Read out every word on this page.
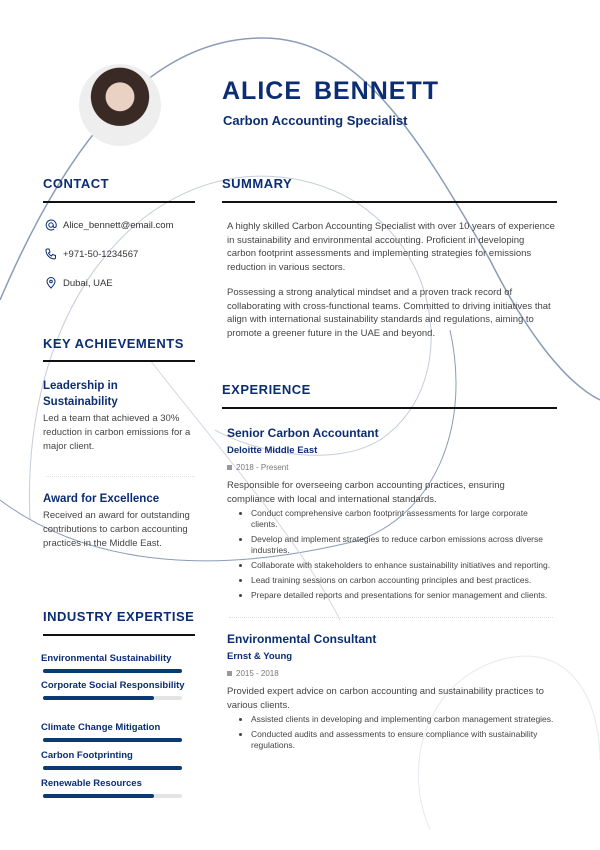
ALICE BENNETT
Carbon Accounting Specialist
CONTACT
Alice_bennett@email.com
+971-50-1234567
Dubai, UAE
KEY ACHIEVEMENTS
Leadership in Sustainability
Led a team that achieved a 30% reduction in carbon emissions for a major client.
Award for Excellence
Received an award for outstanding contributions to carbon accounting practices in the Middle East.
INDUSTRY EXPERTISE
Environmental Sustainability
Corporate Social Responsibility
Climate Change Mitigation
Carbon Footprinting
Renewable Resources
SUMMARY
A highly skilled Carbon Accounting Specialist with over 10 years of experience in sustainability and environmental accounting. Proficient in developing carbon footprint assessments and implementing strategies for emissions reduction in various sectors.
Possessing a strong analytical mindset and a proven track record of collaborating with cross-functional teams. Committed to driving initiatives that align with international sustainability standards and regulations, aiming to promote a greener future in the UAE and beyond.
EXPERIENCE
Senior Carbon Accountant
Deloitte Middle East
2018 - Present
Responsible for overseeing carbon accounting practices, ensuring compliance with local and international standards.
• Conduct comprehensive carbon footprint assessments for large corporate clients.
• Develop and implement strategies to reduce carbon emissions across diverse industries.
• Collaborate with stakeholders to enhance sustainability initiatives and reporting.
• Lead training sessions on carbon accounting principles and best practices.
• Prepare detailed reports and presentations for senior management and clients.
Environmental Consultant
Ernst & Young
2015 - 2018
Provided expert advice on carbon accounting and sustainability practices to various clients.
• Assisted clients in developing and implementing carbon management strategies.
• Conducted audits and assessments to ensure compliance with sustainability regulations.
